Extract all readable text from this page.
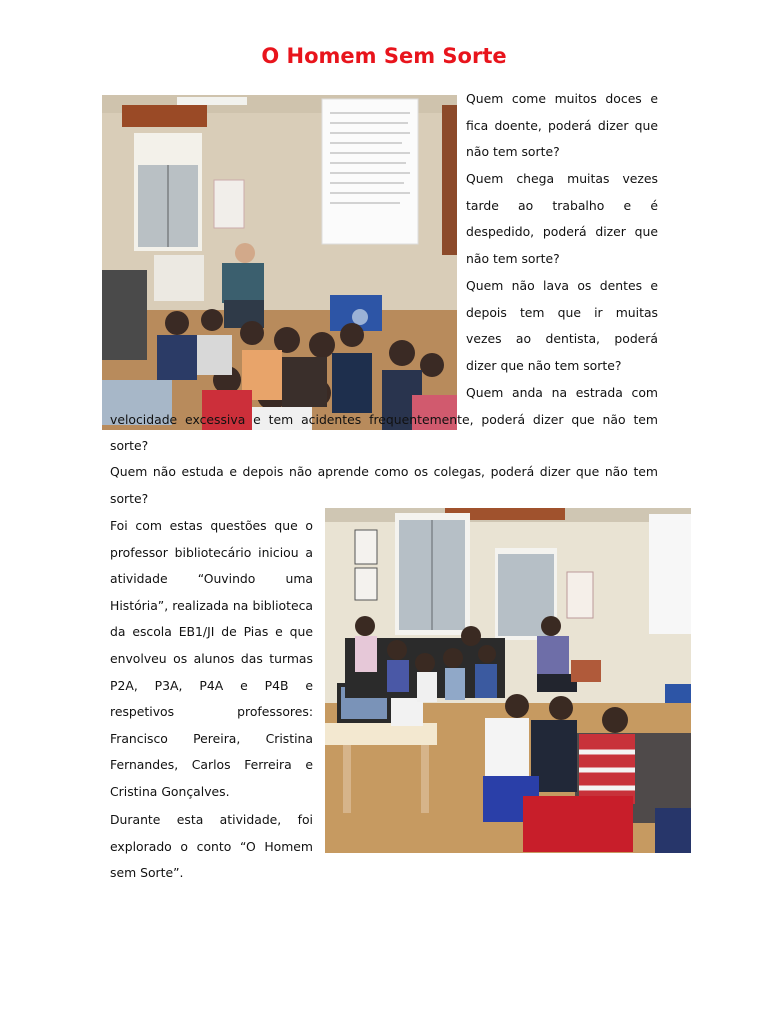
O Homem Sem Sorte

Quem come muitos doces e fica doente, poderá dizer que não tem sorte?

Quem chega muitas vezes tarde ao trabalho e é despedido, poderá dizer que não tem sorte?

Quem não lava os dentes e depois tem que ir muitas vezes ao dentista, poderá dizer que não tem sorte?

Quem anda na estrada com velocidade excessiva e tem acidentes frequentemente, poderá dizer que não tem sorte?

Quem não estuda e depois não aprende como os colegas, poderá dizer que não tem sorte?

Foi com estas questões que o professor bibliotecário iniciou a atividade “Ouvindo uma História”, realizada na biblioteca da escola EB1/JI de Pias e que envolveu os alunos das turmas P2A, P3A, P4A e P4B e respetivos professores: Francisco Pereira, Cristina Fernandes, Carlos Ferreira e Cristina Gonçalves.

Durante esta atividade, foi explorado o conto “O Homem sem Sorte”.
